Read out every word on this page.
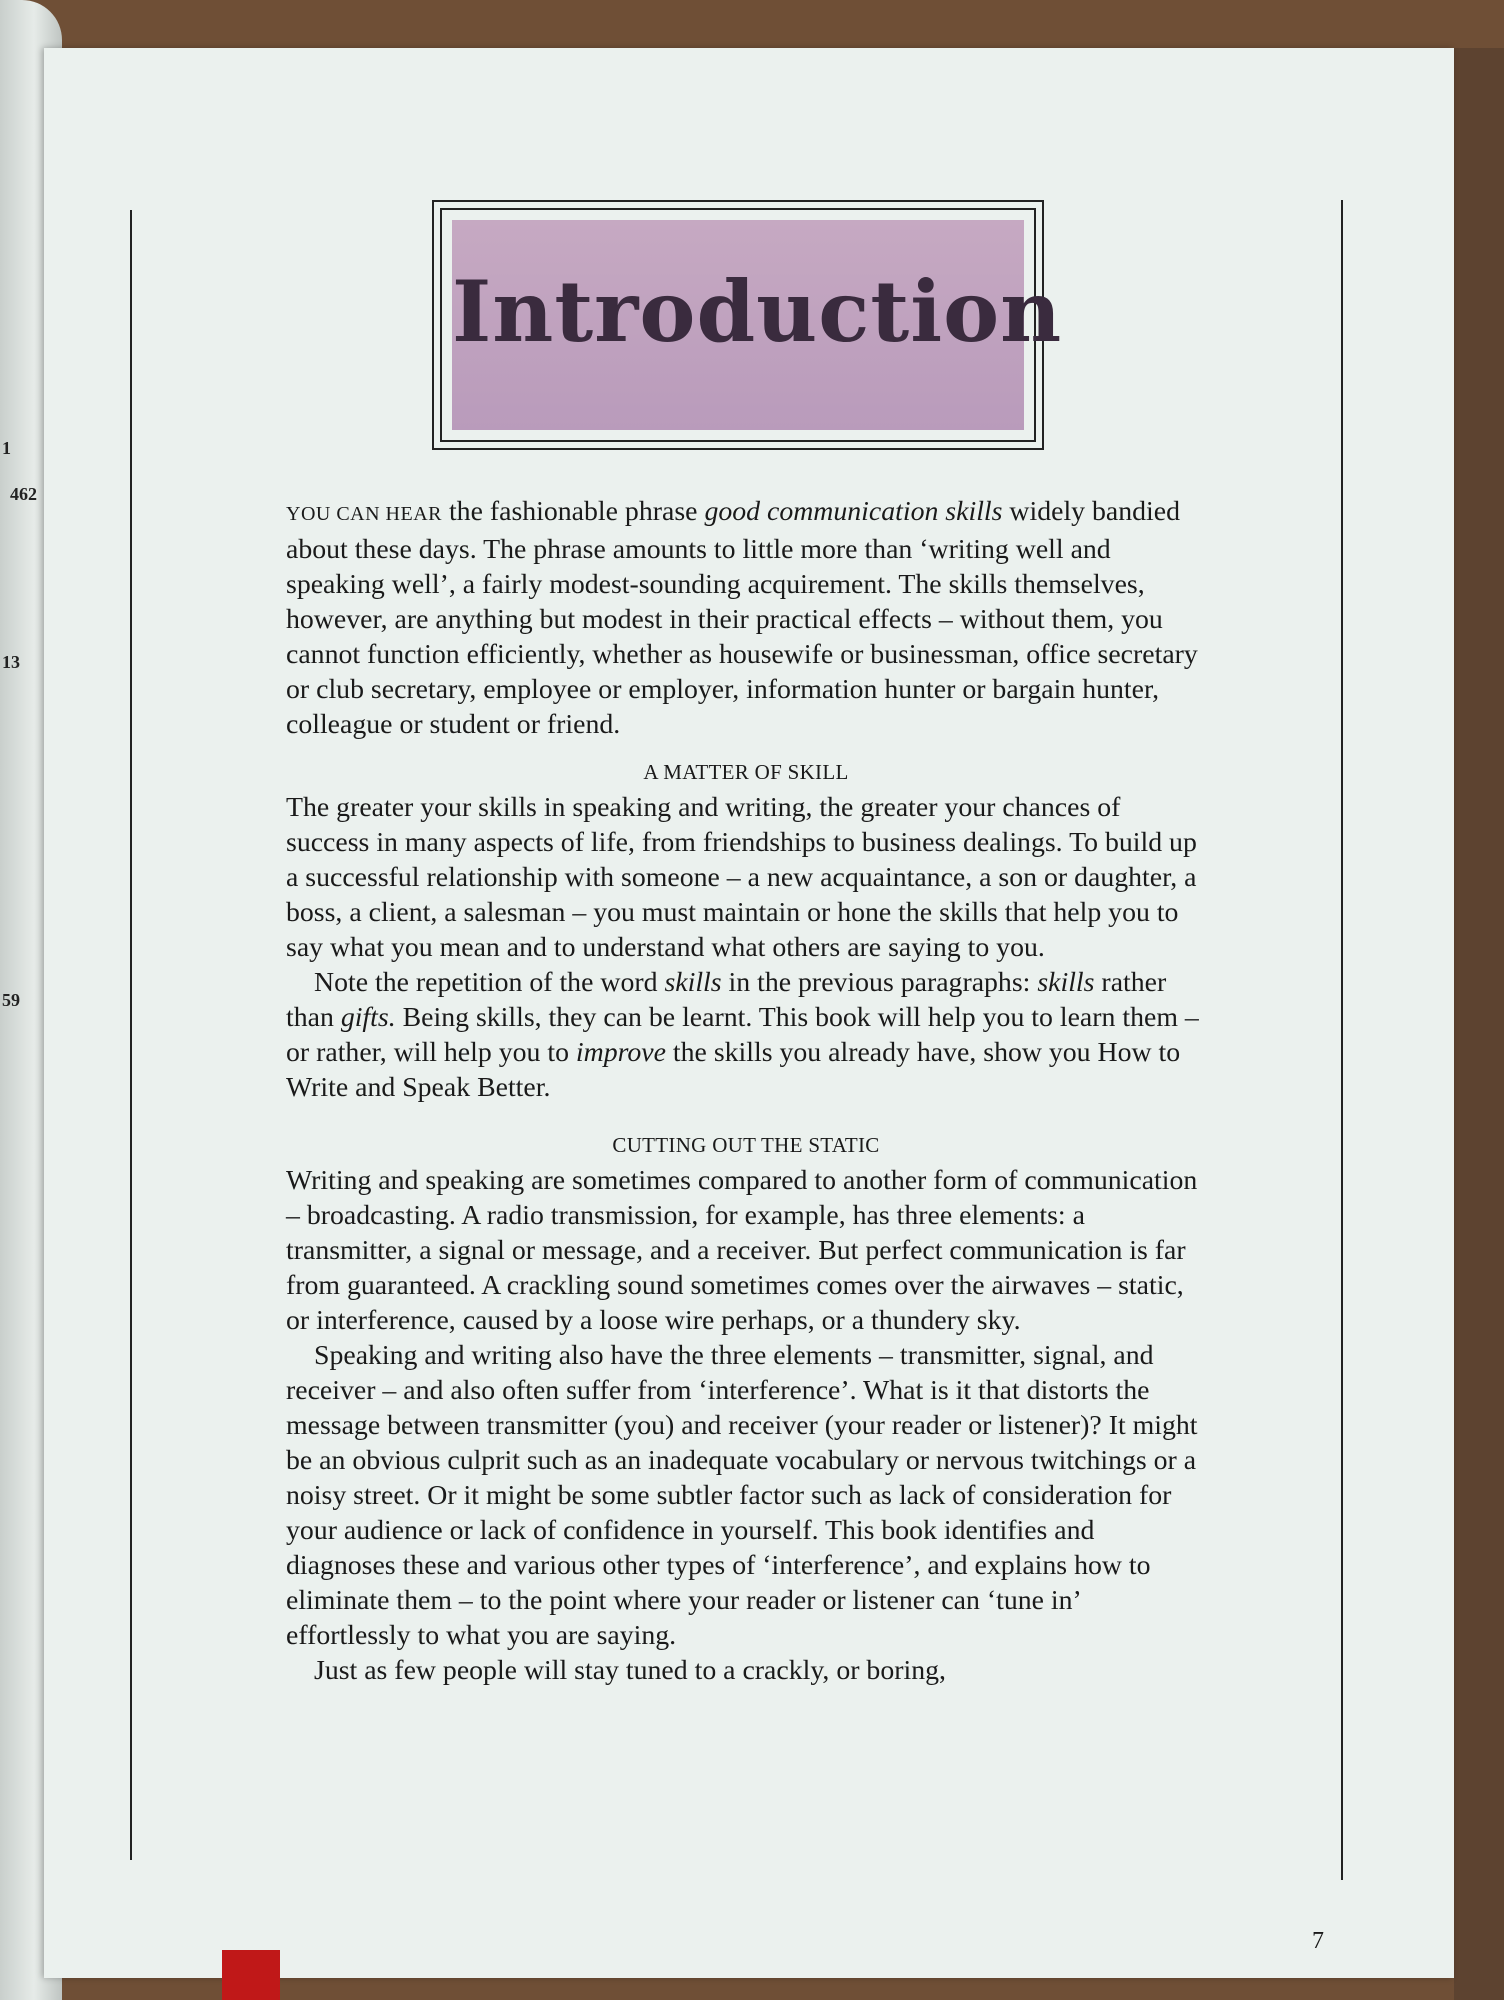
1
462
13
59
Introduction

YOU CAN HEAR the fashionable phrase good communication skills widely bandied about these days. The phrase amounts to little more than ‘writing well and speaking well’, a fairly modest-sounding acquirement. The skills themselves, however, are anything but modest in their practical effects – without them, you cannot function efficiently, whether as housewife or businessman, office secretary or club secretary, employee or employer, information hunter or bargain hunter, colleague or student or friend.

A MATTER OF SKILL

The greater your skills in speaking and writing, the greater your chances of success in many aspects of life, from friendships to business dealings. To build up a successful relationship with someone – a new acquaintance, a son or daughter, a boss, a client, a salesman – you must maintain or hone the skills that help you to say what you mean and to understand what others are saying to you.

Note the repetition of the word skills in the previous paragraphs: skills rather than gifts. Being skills, they can be learnt. This book will help you to learn them – or rather, will help you to improve the skills you already have, show you How to Write and Speak Better.

CUTTING OUT THE STATIC

Writing and speaking are sometimes compared to another form of communication – broadcasting. A radio transmission, for example, has three elements: a transmitter, a signal or message, and a receiver. But perfect communication is far from guaranteed. A crackling sound sometimes comes over the airwaves – static, or interference, caused by a loose wire perhaps, or a thundery sky.

Speaking and writing also have the three elements – transmitter, signal, and receiver – and also often suffer from ‘interference’. What is it that distorts the message between transmitter (you) and receiver (your reader or listener)? It might be an obvious culprit such as an inadequate vocabulary or nervous twitchings or a noisy street. Or it might be some subtler factor such as lack of consideration for your audience or lack of confidence in yourself. This book identifies and diagnoses these and various other types of ‘interference’, and explains how to eliminate them – to the point where your reader or listener can ‘tune in’ effortlessly to what you are saying.

Just as few people will stay tuned to a crackly, or boring,

7
